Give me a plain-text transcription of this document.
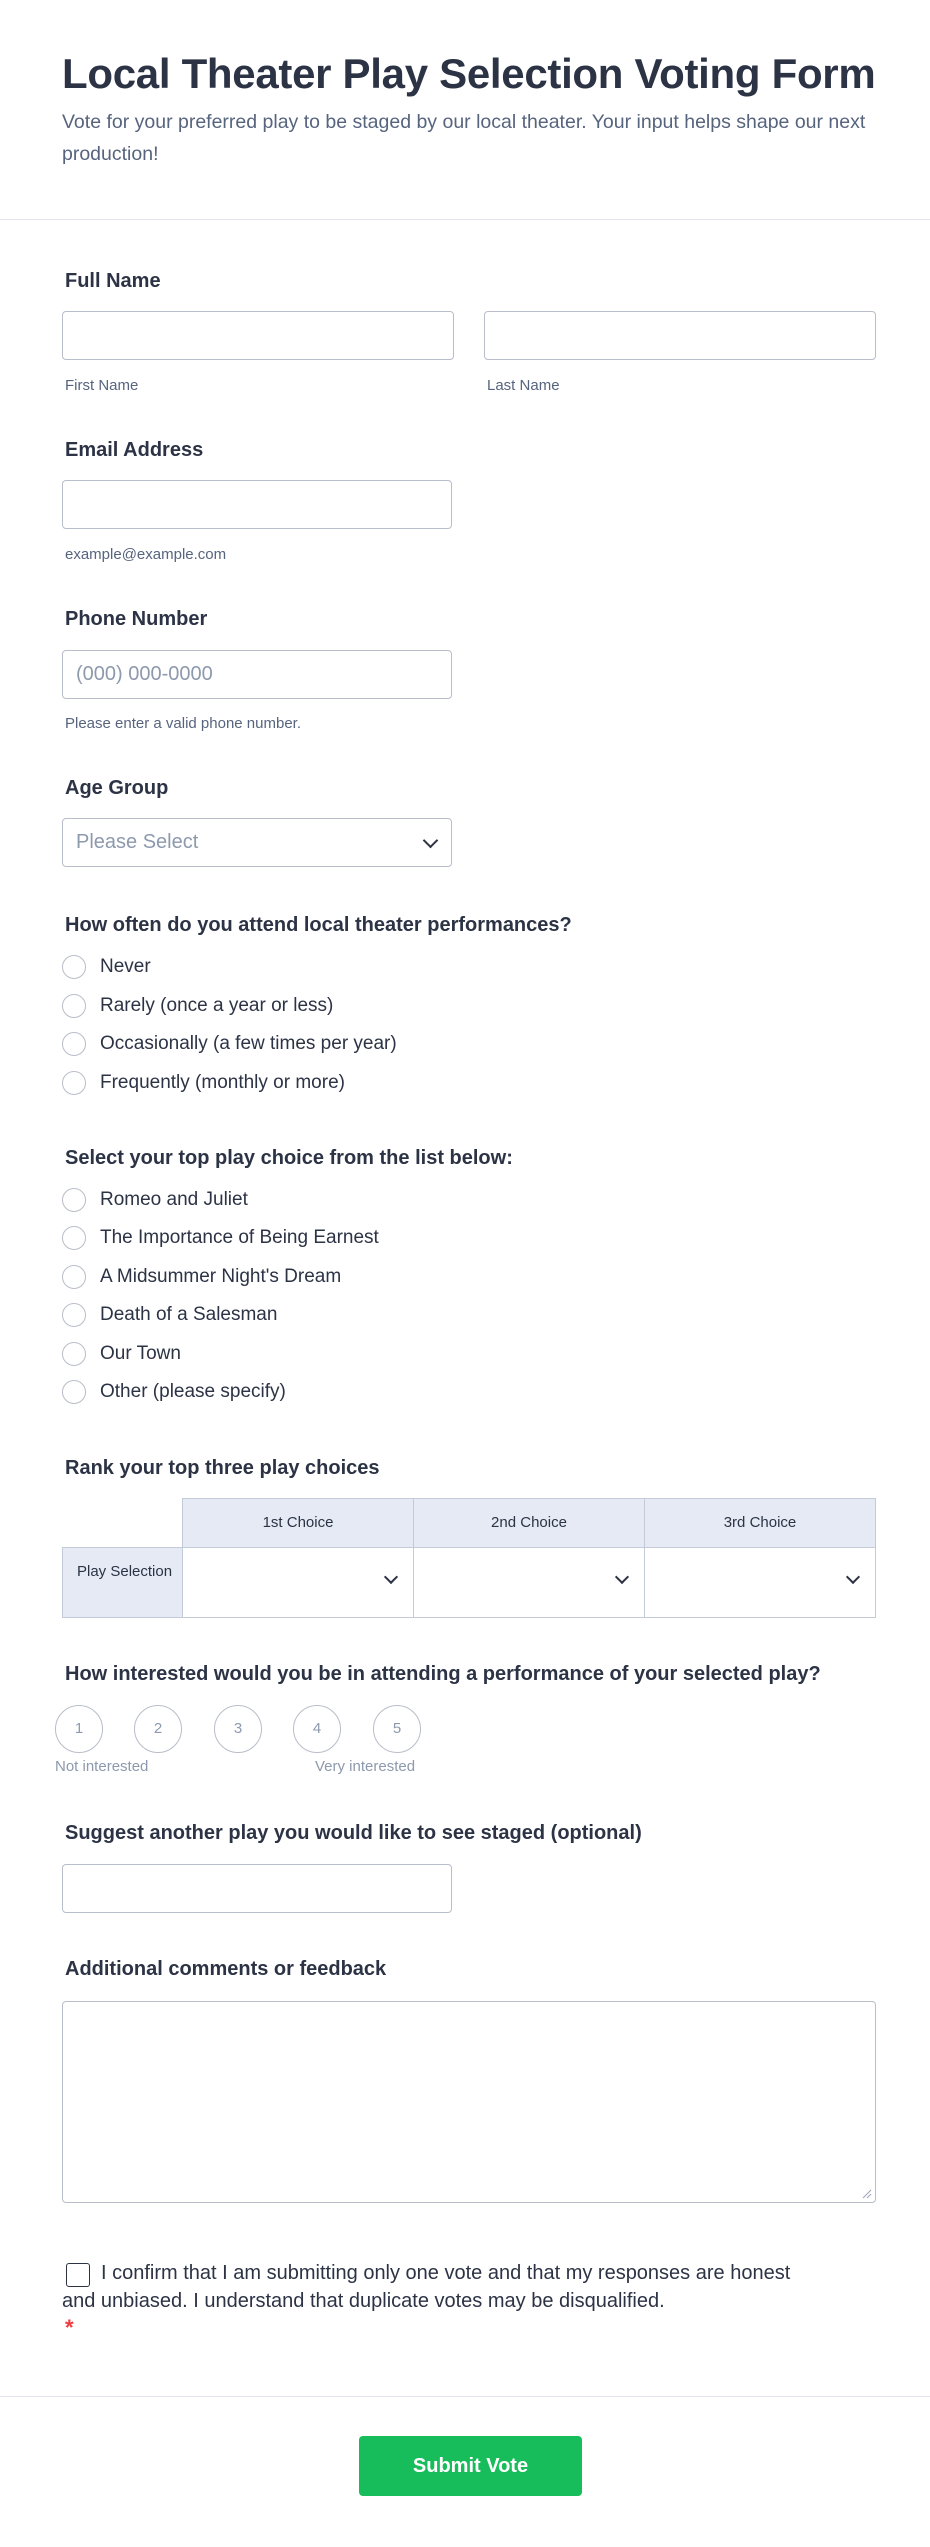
Local Theater Play Selection Voting Form

Vote for your preferred play to be staged by our local theater. Your input helps shape our next production!

Full Name
First Name	Last Name
Email Address
example@example.com
Phone Number
(000) 000-0000
Please enter a valid phone number.
Age Group
Please Select
How often do you attend local theater performances?
Never
Rarely (once a year or less)
Occasionally (a few times per year)
Frequently (monthly or more)
Select your top play choice from the list below:
Romeo and Juliet
The Importance of Being Earnest
A Midsummer Night's Dream
Death of a Salesman
Our Town
Other (please specify)
Rank your top three play choices
1st Choice	2nd Choice	3rd Choice
Play Selection
How interested would you be in attending a performance of your selected play?
1	2	3	4	5
Not interested	Very interested
Suggest another play you would like to see staged (optional)
Additional comments or feedback
I confirm that I am submitting only one vote and that my responses are honest and unbiased. I understand that duplicate votes may be disqualified.
*
Submit Vote
